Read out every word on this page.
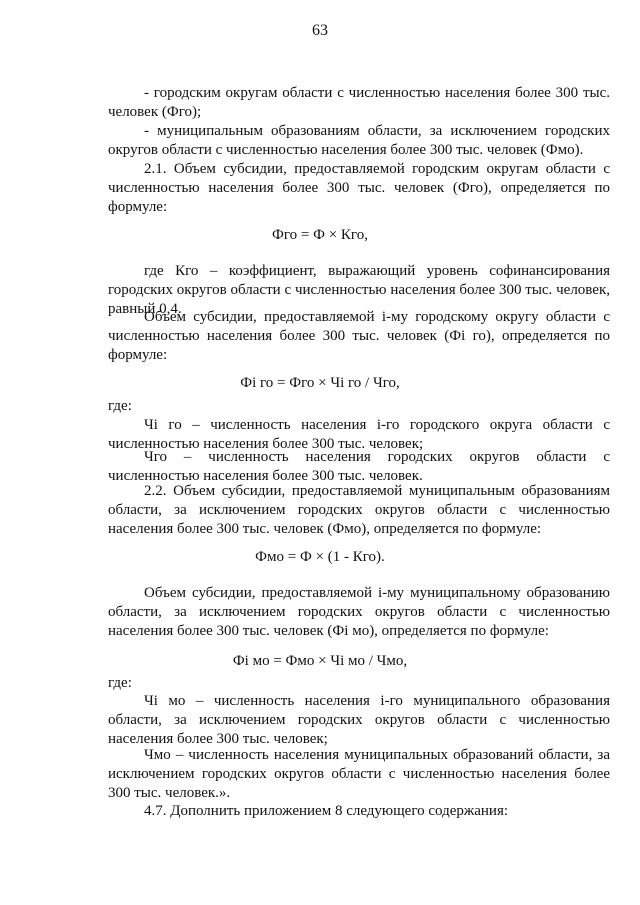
63

- городским округам области с численностью населения более 300 тыс. человек (Фго);

- муниципальным образованиям области, за исключением городских округов области с численностью населения более 300 тыс. человек (Фмо).

2.1. Объем субсидии, предоставляемой городским округам области с численностью населения более 300 тыс. человек (Фго), определяется по формуле:

Фго = Ф × Кго,

где Кго – коэффициент, выражающий уровень софинансирования городских округов области с численностью населения более 300 тыс. человек, равный 0,4.

Объем субсидии, предоставляемой i-му городскому округу области с численностью населения более 300 тыс. человек (Фi го), определяется по формуле:

Фi го = Фго × Чi го / Чго,

где:

Чi го – численность населения i-го городского округа области с численностью населения более 300 тыс. человек;

Чго – численность населения городских округов области с численностью населения более 300 тыс. человек.

2.2. Объем субсидии, предоставляемой муниципальным образованиям области, за исключением городских округов области с численностью населения более 300 тыс. человек (Фмо), определяется по формуле:

Фмо = Ф × (1 - Кго).

Объем субсидии, предоставляемой i-му муниципальному образованию области, за исключением городских округов области с численностью населения более 300 тыс. человек (Фi мо), определяется по формуле:

Фi мо = Фмо × Чi мо / Чмо,

где:

Чi мо – численность населения i-го муниципального образования области, за исключением городских округов области с численностью населения более 300 тыс. человек;

Чмо – численность населения муниципальных образований области, за исключением городских округов области с численностью населения более 300 тыс. человек.».

4.7. Дополнить приложением 8 следующего содержания:
